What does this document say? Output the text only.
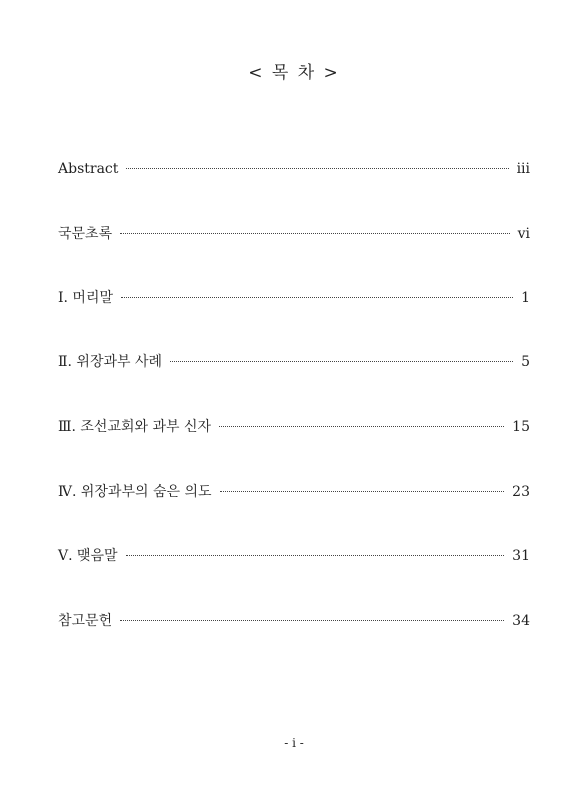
< 목 차 >
Abstract	iii
국문초록	vi
Ⅰ. 머리말	1
Ⅱ. 위장과부 사례	5
Ⅲ. 조선교회와 과부 신자	15
Ⅳ. 위장과부의 숨은 의도	23
Ⅴ. 맺음말	31
참고문헌	34
- i -
